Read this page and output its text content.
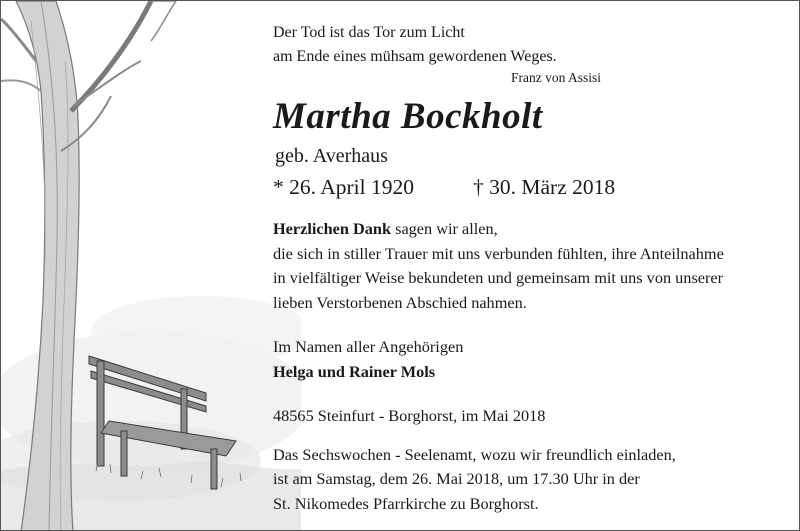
Der Tod ist das Tor zum Licht

am Ende eines mühsam gewordenen Weges.

Franz von Assisi

Martha Bockholt

geb. Averhaus

* 26. April 1920	† 30. März 2018

Herzlichen Dank sagen wir allen,

die sich in stiller Trauer mit uns verbunden fühlten, ihre Anteilnahme

in vielfältiger Weise bekundeten und gemeinsam mit uns von unserer

lieben Verstorbenen Abschied nahmen.

Im Namen aller Angehörigen

Helga und Rainer Mols

48565 Steinfurt - Borghorst, im Mai 2018

Das Sechswochen - Seelenamt, wozu wir freundlich einladen,

ist am Samstag, dem 26. Mai 2018, um 17.30 Uhr in der

St. Nikomedes Pfarrkirche zu Borghorst.
